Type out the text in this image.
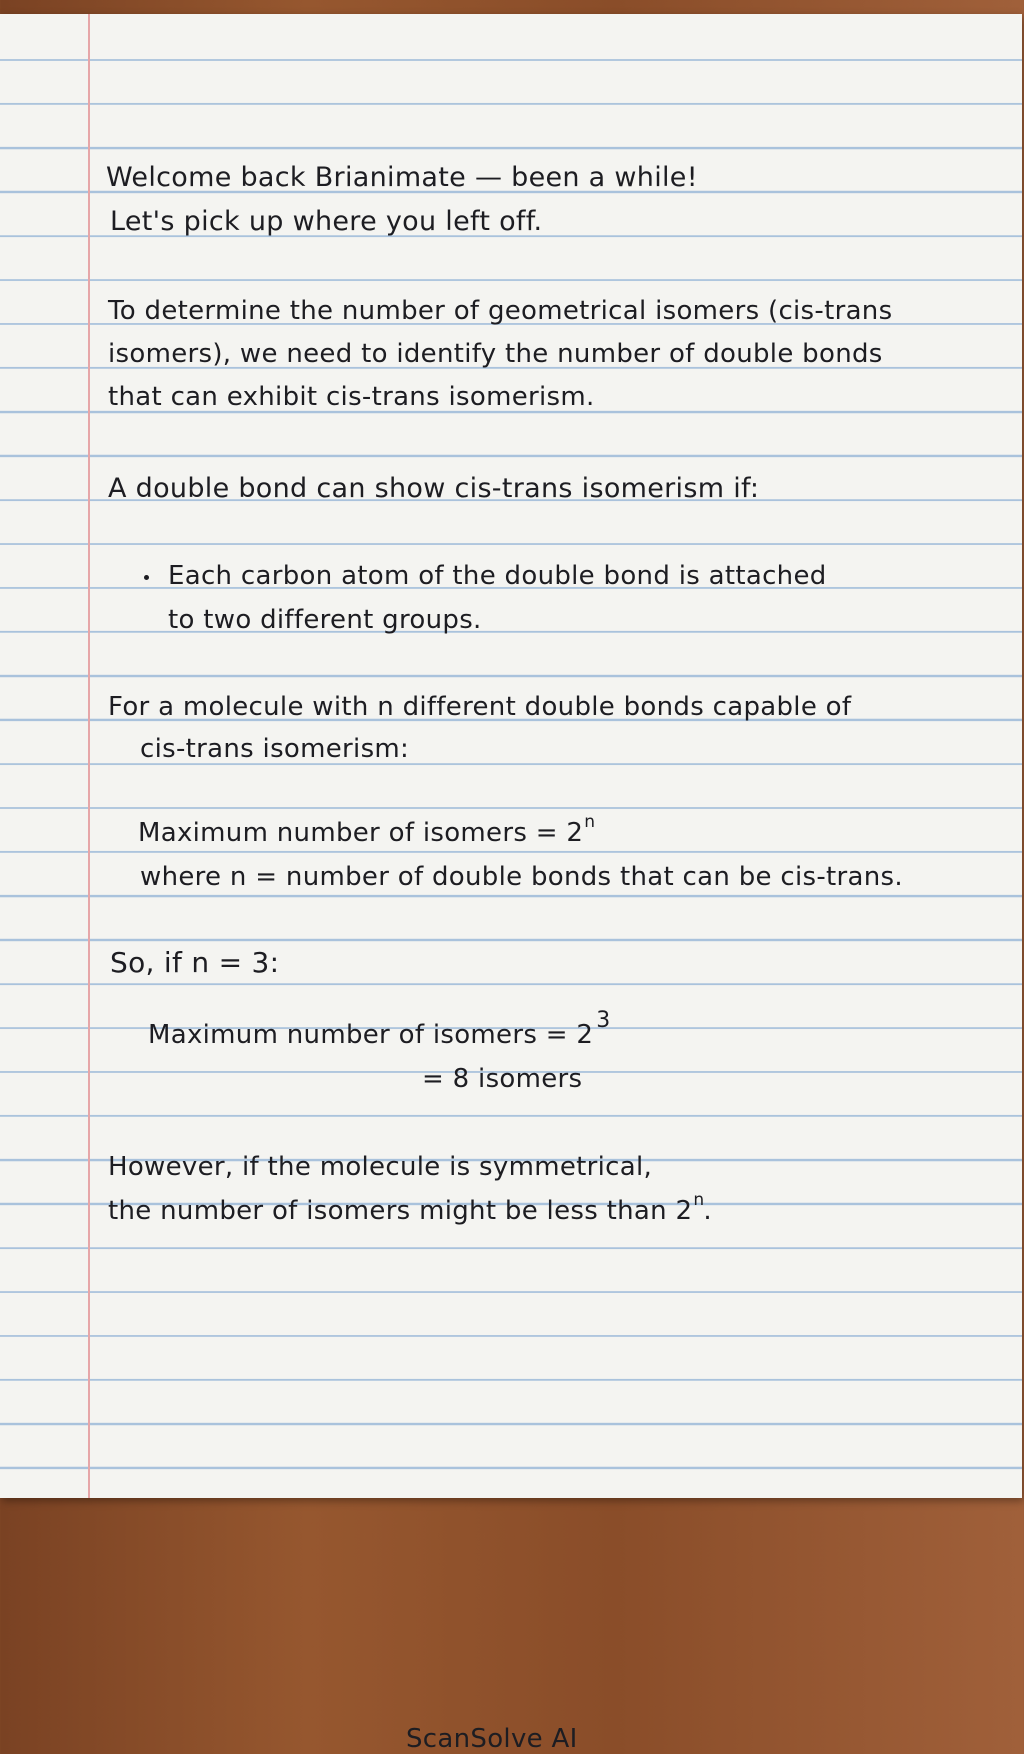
Welcome back Brianimate — been a while!
Let's pick up where you left off.
To determine the number of geometrical isomers (cis-trans
isomers), we need to identify the number of double bonds
that can exhibit cis-trans isomerism.
A double bond can show cis-trans isomerism if:
Each carbon atom of the double bond is attached
to two different groups.
For a molecule with n different double bonds capable of
cis-trans isomerism:
Maximum number of isomers = $2^n$
where n = number of double bonds that can be cis-trans.
So, if n = 3:
Maximum number of isomers = 2 $^3$
= 8 isomers
However, if the molecule is symmetrical,
the number of isomers might be less than 2$^n$.
ScanSolve AI
